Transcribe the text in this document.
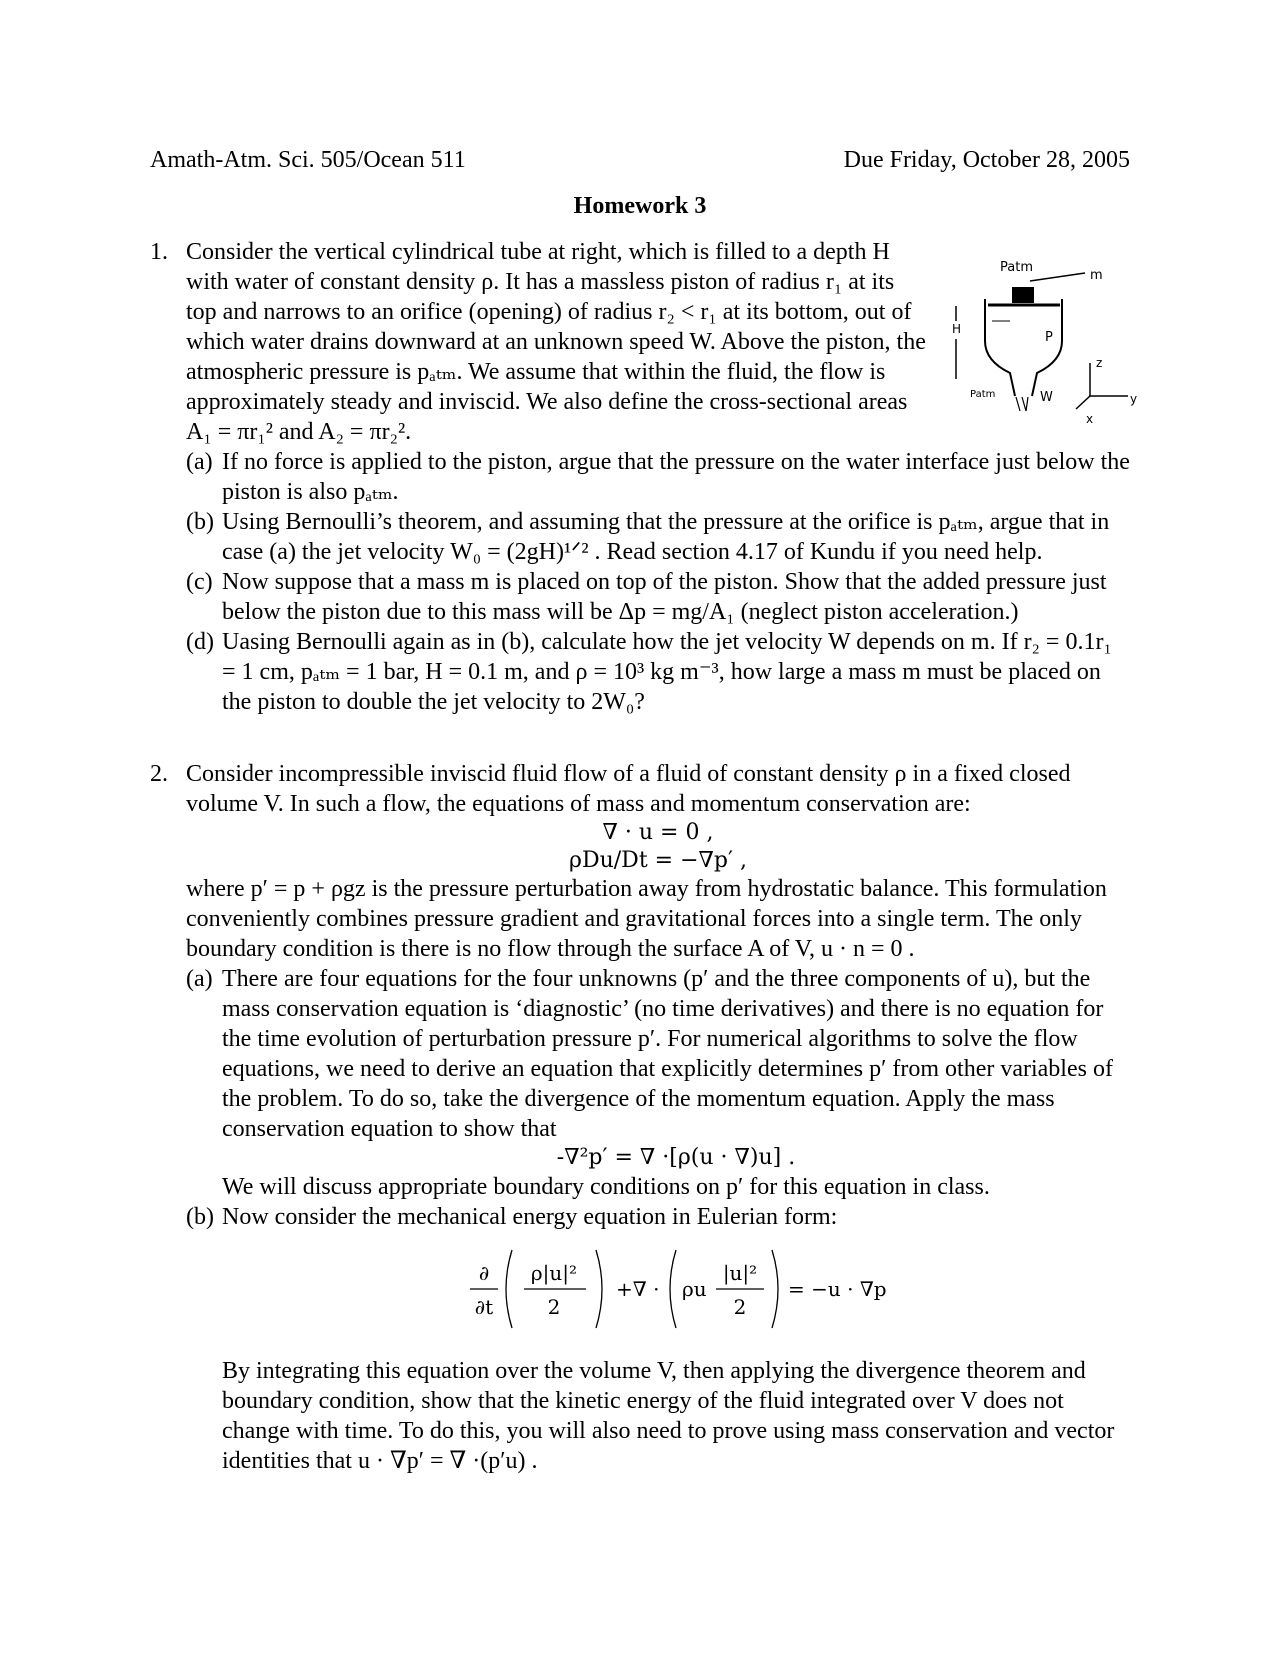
Amath-Atm. Sci. 505/Ocean 511	Due Friday, October 28, 2005
Homework 3
1. Consider the vertical cylindrical tube at right, which is filled to a depth H with water of constant density ρ. It has a massless piston of radius r₁ at its top and narrows to an orifice (opening) of radius r₂ < r₁ at its bottom, out of which water drains downward at an unknown speed W. Above the piston, the atmospheric pressure is pₐₜₘ. We assume that within the fluid, the flow is approximately steady and inviscid. We also define the cross-sectional areas A₁ = πr₁² and A₂ = πr₂².
Patm
m
H
P
Patm	W
z
y
x
(a) If no force is applied to the piston, argue that the pressure on the water interface just below the piston is also pₐₜₘ.
(b) Using Bernoulli’s theorem, and assuming that the pressure at the orifice is pₐₜₘ, argue that in case (a) the jet velocity W₀ = (2gH)¹ᐟ² . Read section 4.17 of Kundu if you need help.
(c) Now suppose that a mass m is placed on top of the piston. Show that the added pressure just below the piston due to this mass will be Δp = mg/A₁ (neglect piston acceleration.)
(d) Uasing Bernoulli again as in (b), calculate how the jet velocity W depends on m. If r₂ = 0.1r₁ = 1 cm, pₐₜₘ = 1 bar, H = 0.1 m, and ρ = 10³ kg m⁻³, how large a mass m must be placed on the piston to double the jet velocity to 2W₀?
2. Consider incompressible inviscid fluid flow of a fluid of constant density ρ in a fixed closed volume V. In such a flow, the equations of mass and momentum conservation are:
∇ · u = 0 ,
ρDu/Dt = −∇p′ ,
where p′ = p + ρgz is the pressure perturbation away from hydrostatic balance. This formulation conveniently combines pressure gradient and gravitational forces into a single term. The only boundary condition is there is no flow through the surface A of V, u · n = 0 .
(a) There are four equations for the four unknowns (p′ and the three components of u), but the mass conservation equation is ‘diagnostic’ (no time derivatives) and there is no equation for the time evolution of perturbation pressure p′. For numerical algorithms to solve the flow equations, we need to derive an equation that explicitly determines p′ from other variables of the problem. To do so, take the divergence of the momentum equation. Apply the mass conservation equation to show that
-∇²p′ = ∇ ·[ρ(u · ∇)u] .
We will discuss appropriate boundary conditions on p′ for this equation in class.
(b) Now consider the mechanical energy equation in Eulerian form:
∂
∂t
ρ|u|²
2
+∇ · ρu
|u|²
2
= −u · ∇p′
By integrating this equation over the volume V, then applying the divergence theorem and boundary condition, show that the kinetic energy of the fluid integrated over V does not change with time. To do this, you will also need to prove using mass conservation and vector identities that u · ∇p′ = ∇ ·(p′u) .
